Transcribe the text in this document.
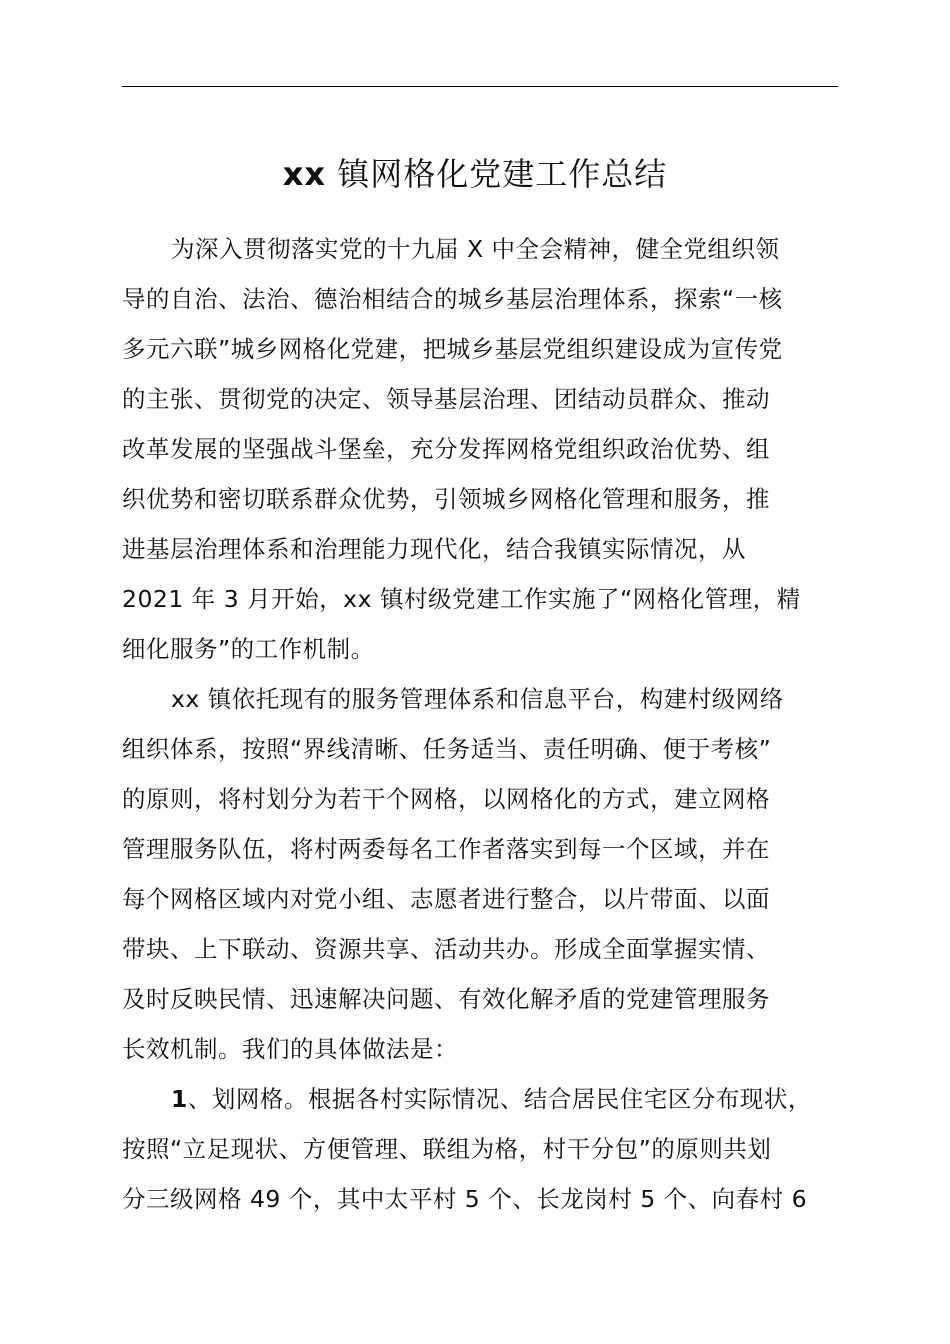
xx 镇网格化党建工作总结

为深入贯彻落实党的十九届 X 中全会精神，健全党组织领
导的自治、法治、德治相结合的城乡基层治理体系，探索“一核
多元六联”城乡网格化党建，把城乡基层党组织建设成为宣传党
的主张、贯彻党的决定、领导基层治理、团结动员群众、推动
改革发展的坚强战斗堡垒，充分发挥网格党组织政治优势、组
织优势和密切联系群众优势，引领城乡网格化管理和服务，推
进基层治理体系和治理能力现代化，结合我镇实际情况，从
2021 年 3 月开始，xx 镇村级党建工作实施了“网格化管理，精
细化服务”的工作机制。

xx 镇依托现有的服务管理体系和信息平台，构建村级网络
组织体系，按照“界线清晰、任务适当、责任明确、便于考核”
的原则，将村划分为若干个网格，以网格化的方式，建立网格
管理服务队伍，将村两委每名工作者落实到每一个区域，并在
每个网格区域内对党小组、志愿者进行整合，以片带面、以面
带块、上下联动、资源共享、活动共办。形成全面掌握实情、
及时反映民情、迅速解决问题、有效化解矛盾的党建管理服务
长效机制。我们的具体做法是：

1、划网格。根据各村实际情况、结合居民住宅区分布现状，
按照“立足现状、方便管理、联组为格，村干分包”的原则共划
分三级网格 49 个，其中太平村 5 个、长龙岗村 5 个、向春村 6
